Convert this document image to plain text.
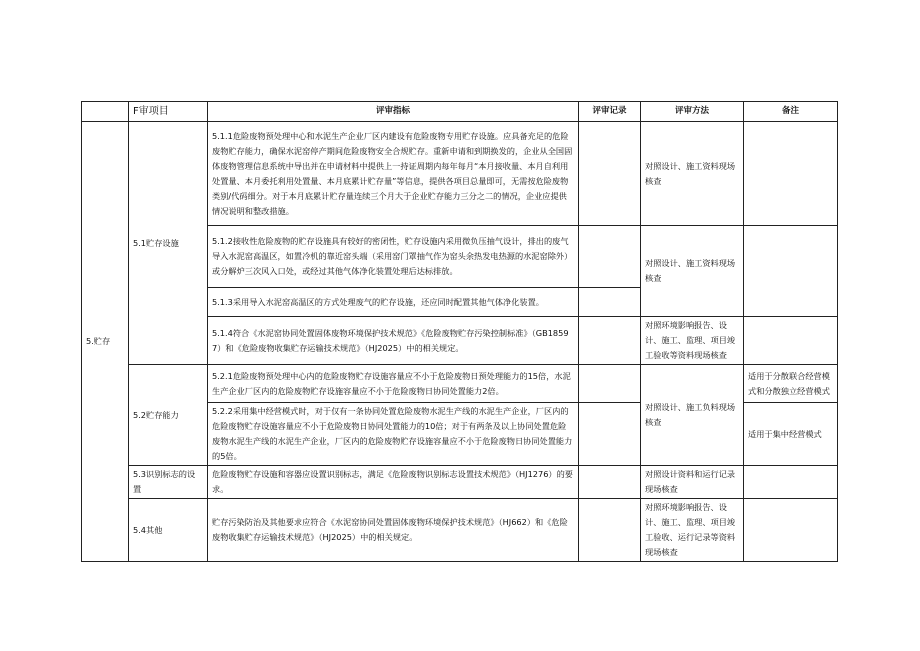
	F审项目	评审指标	评审记录	评审方法	备注
5.贮存	5.1贮存设施	5.1.1危险废物预处理中心和水泥生产企业厂区内建设有危险废物专用贮存设施。应具备充足的危险废物贮存能力，确保水泥窑停产期间危险废物安全合规贮存。重新申请和到期换发的，企业从全国固体废物管理信息系统中导出并在申请材料中提供上一持证周期内每年每月“本月接收量、本月自利用处置量、本月委托利用处置量、本月底累计贮存量”等信息，提供各项目总量即可，无需按危险废物类别/代码细分。对于本月底累计贮存量连续三个月大于企业贮存能力三分之二的情况，企业应提供情况说明和整改措施。		对照设计、施工资料现场核查	
		5.1.2接收性危险废物的贮存设施具有较好的密闭性，贮存设施内采用微负压抽气设计，排出的废气导入水泥窑高温区，如置冷机的靠近窑头端（采用窑门罩抽气作为窑头余热发电热源的水泥窑除外）或分解炉三次风入口处，或经过其他气体净化装置处理后达标排放。		对照设计、施工资料现场核查	
		5.1.3采用导入水泥窑高温区的方式处理废气的贮存设施，还应同时配置其他气体净化装置。			
		5.1.4符合《水泥窑协同处置固体废物环境保护技术规范》《危险废物贮存污染控制标准》（GB18597）和《危险废物收集贮存运输技术规范》（HJ2025）中的相关规定。		对照环境影响报告、设计、施工、监理、项目竣工验收等资料现场核查	
	5.2贮存能力	5.2.1危险废物预处理中心内的危险废物贮存设施容量应不小于危险废物日预处理能力的15倍，水泥生产企业厂区内的危险废物贮存设施容量应不小于危险废物日协同处置能力2倍。		对照设计、施工负料现场核查	适用于分散联合经营模式和分散独立经营模式
		5.2.2采用集中经营模式时，对于仅有一条协同处置危险废物水泥生产线的水泥生产企业，厂区内的危险废物贮存设施容量应不小于危险废物日协同处置能力的10倍；对于有两条及以上协同处置危险废物水泥生产线的水泥生产企业，厂区内的危险废物贮存设施容量应不小于危险废物日协同处置能力的5倍。			适用于集中经营模式
	5.3识别标志的设置	危险废物贮存设施和容器应设置识别标志，满足《危险废物识别标志设置技术规范》（HJ1276）的要求。		对照设计资料和运行记录现场核查	
	5.4其他	贮存污染防治及其他要求应符合《水泥窑协同处置固体废物环境保护技术规范》（HJ662）和《危险废物收集贮存运输技术规范》（HJ2025）中的相关规定。		对照环境影响报告、设计、施工、监理、项目竣工验收、运行记录等资料现场核查	
